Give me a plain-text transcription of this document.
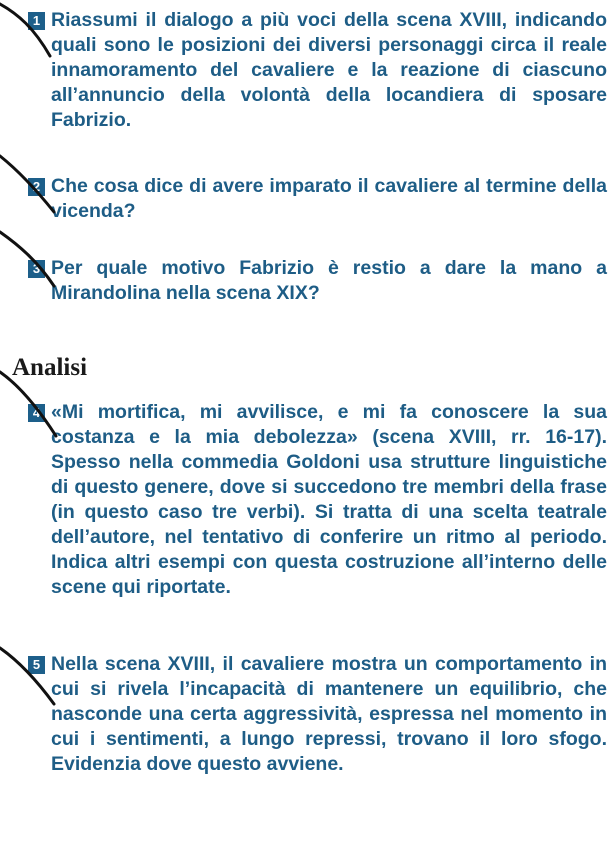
1 Riassumi il dialogo a più voci della scena XVIII, indicando quali sono le posizioni dei diversi personaggi circa il reale innamoramento del cavaliere e la reazione di ciascuno all’annuncio della volontà della locandiera di sposare Fabrizio.

2 Che cosa dice di avere imparato il cavaliere al termine della vicenda?

3 Per quale motivo Fabrizio è restio a dare la mano a Mirandolina nella scena XIX?

Analisi
4 «Mi mortifica, mi avvilisce, e mi fa conoscere la sua costanza e la mia debolezza» (scena XVIII, rr. 16-17). Spesso nella commedia Goldoni usa strutture linguistiche di questo genere, dove si succedono tre membri della frase (in questo caso tre verbi). Si tratta di una scelta teatrale dell’autore, nel tentativo di conferire un ritmo al periodo. Indica altri esempi con questa costruzione all’interno delle scene qui riportate.

5 Nella scena XVIII, il cavaliere mostra un comportamento in cui si rivela l’incapacità di mantenere un equilibrio, che nasconde una certa aggressività, espressa nel momento in cui i sentimenti, a lungo repressi, trovano il loro sfogo. Evidenzia dove questo avviene.
